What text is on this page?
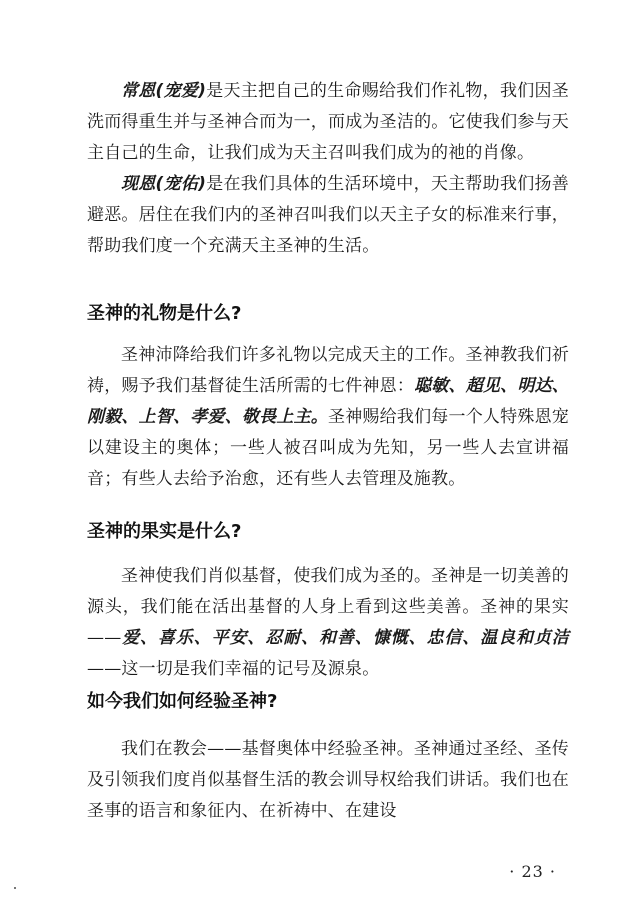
常恩(宠爱)是天主把自己的生命赐给我们作礼物，我们因圣洗而得重生并与圣神合而为一，而成为圣洁的。它使我们参与天主自己的生命，让我们成为天主召叫我们成为的祂的肖像。

现恩(宠佑)是在我们具体的生活环境中，天主帮助我们扬善避恶。居住在我们内的圣神召叫我们以天主子女的标准来行事，帮助我们度一个充满天主圣神的生活。

圣神的礼物是什么?

圣神沛降给我们许多礼物以完成天主的工作。圣神教我们祈祷，赐予我们基督徒生活所需的七件神恩：聪敏、超见、明达、刚毅、上智、孝爱、敬畏上主。圣神赐给我们每一个人特殊恩宠以建设主的奥体；一些人被召叫成为先知，另一些人去宣讲福音；有些人去给予治愈，还有些人去管理及施教。

圣神的果实是什么?

圣神使我们肖似基督，使我们成为圣的。圣神是一切美善的源头，我们能在活出基督的人身上看到这些美善。圣神的果实——爱、喜乐、平安、忍耐、和善、慷慨、忠信、温良和贞洁——这一切是我们幸福的记号及源泉。

如今我们如何经验圣神?

我们在教会——基督奥体中经验圣神。圣神通过圣经、圣传及引领我们度肖似基督生活的教会训导权给我们讲话。我们也在圣事的语言和象征内、在祈祷中、在建设

· 23 ·
